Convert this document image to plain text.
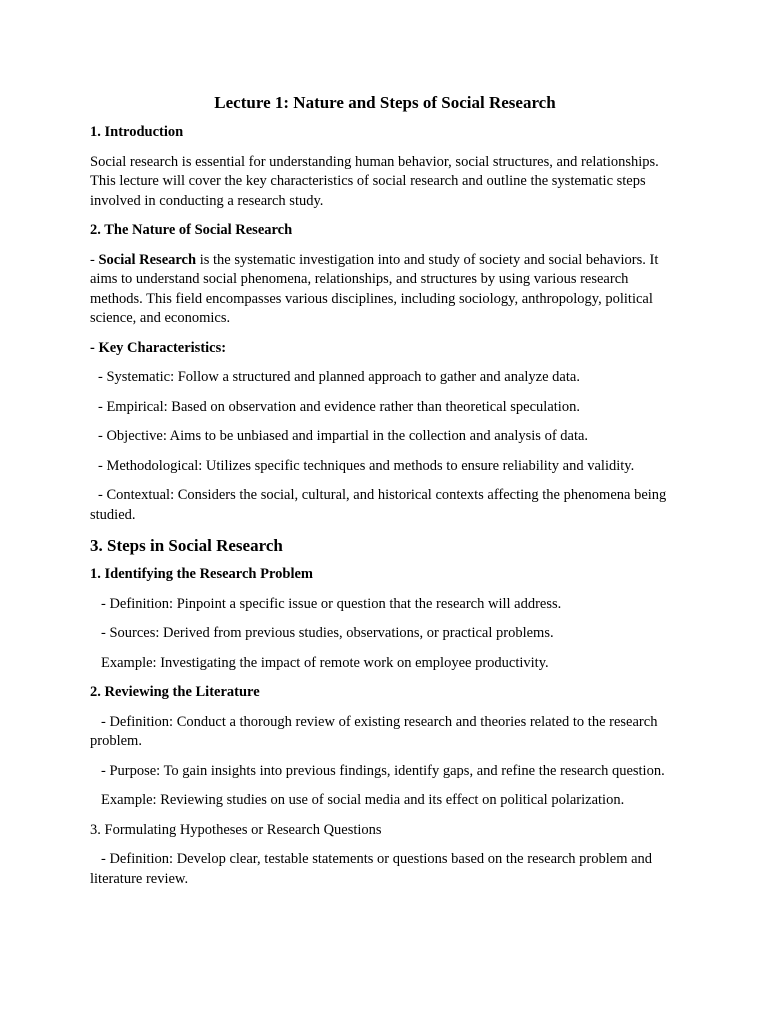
Lecture 1: Nature and Steps of Social Research
1. Introduction
Social research is essential for understanding human behavior, social structures, and relationships. This lecture will cover the key characteristics of social research and outline the systematic steps involved in conducting a research study.
2. The Nature of Social Research
- Social Research is the systematic investigation into and study of society and social behaviors. It aims to understand social phenomena, relationships, and structures by using various research methods. This field encompasses various disciplines, including sociology, anthropology, political science, and economics.
- Key Characteristics:
- Systematic: Follow a structured and planned approach to gather and analyze data.
- Empirical: Based on observation and evidence rather than theoretical speculation.
- Objective: Aims to be unbiased and impartial in the collection and analysis of data.
- Methodological: Utilizes specific techniques and methods to ensure reliability and validity.
- Contextual: Considers the social, cultural, and historical contexts affecting the phenomena being studied.
3. Steps in Social Research
1. Identifying the Research Problem
- Definition: Pinpoint a specific issue or question that the research will address.
- Sources: Derived from previous studies, observations, or practical problems.
Example: Investigating the impact of remote work on employee productivity.
2. Reviewing the Literature
- Definition: Conduct a thorough review of existing research and theories related to the research problem.
- Purpose: To gain insights into previous findings, identify gaps, and refine the research question.
Example: Reviewing studies on use of social media and its effect on political polarization.
3. Formulating Hypotheses or Research Questions
- Definition: Develop clear, testable statements or questions based on the research problem and literature review.
